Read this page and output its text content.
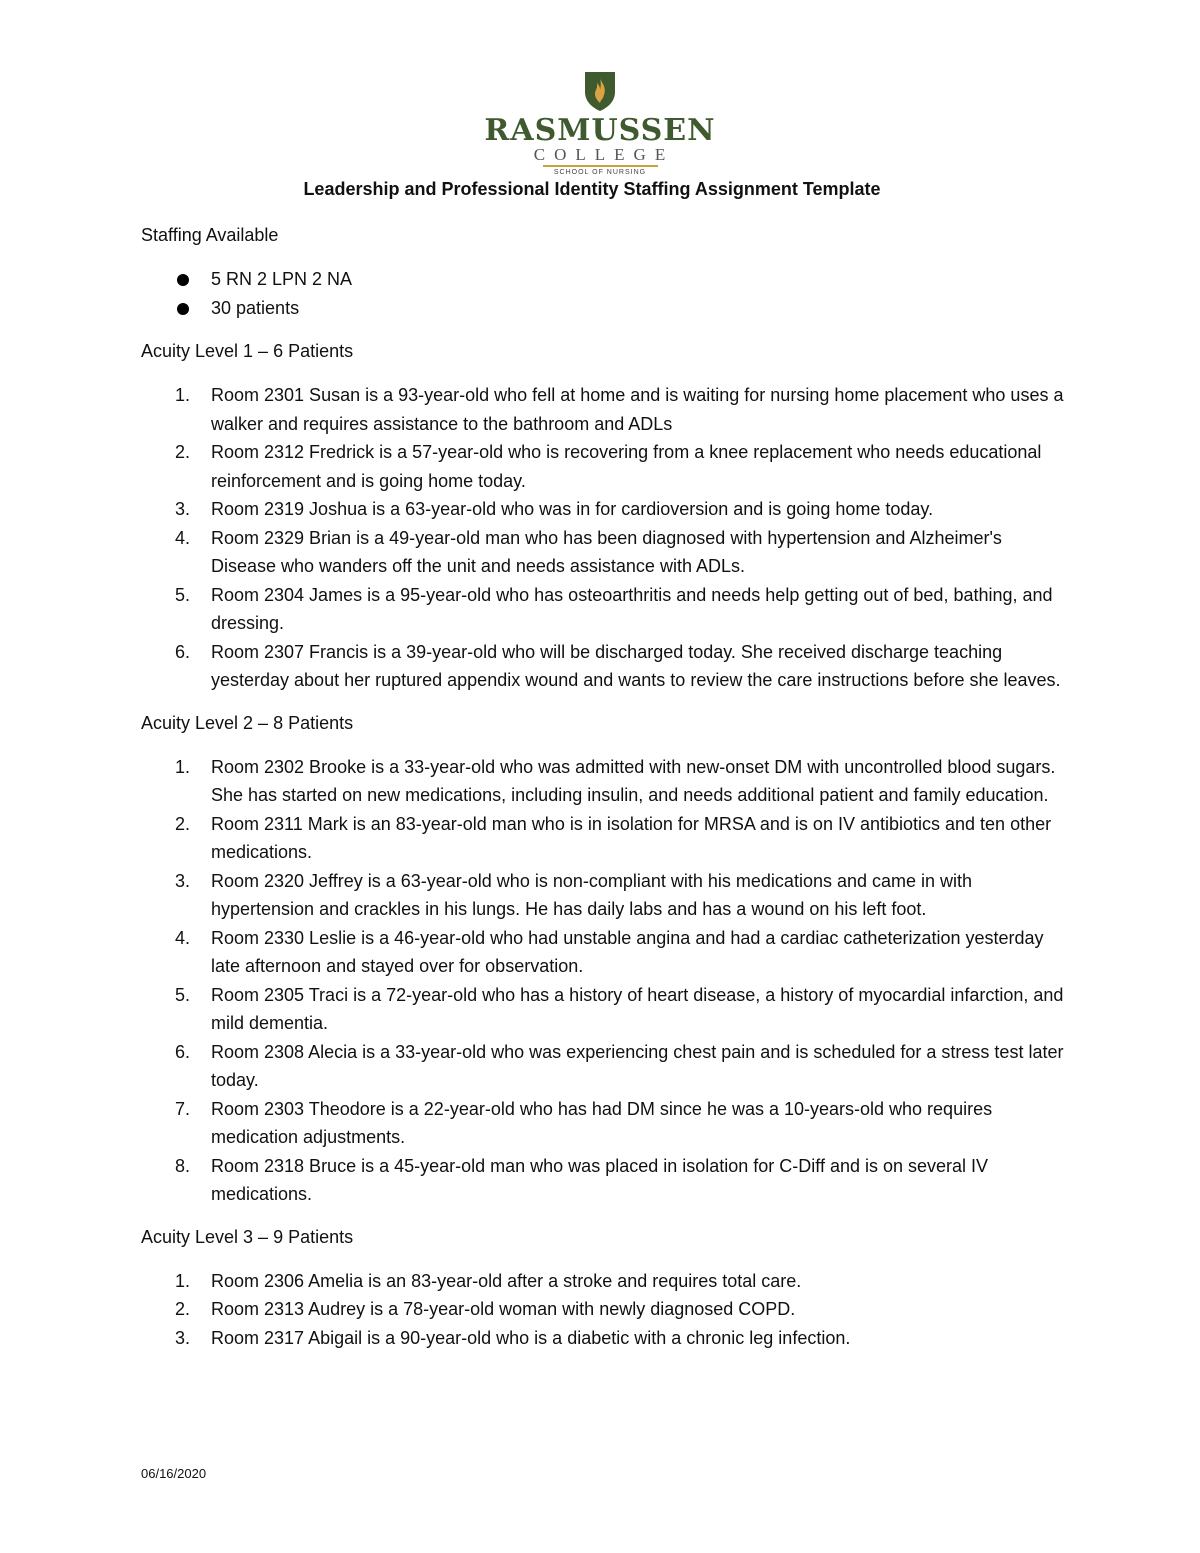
RASMUSSEN
COLLEGE
SCHOOL OF NURSING
Leadership and Professional Identity Staffing Assignment Template

Staffing Available

5 RN 2 LPN 2 NA
30 patients

Acuity Level 1 – 6 Patients

1. Room 2301 Susan is a 93-year-old who fell at home and is waiting for nursing home placement who uses a walker and requires assistance to the bathroom and ADLs
2. Room 2312 Fredrick is a 57-year-old who is recovering from a knee replacement who needs educational reinforcement and is going home today.
3. Room 2319 Joshua is a 63-year-old who was in for cardioversion and is going home today.
4. Room 2329 Brian is a 49-year-old man who has been diagnosed with hypertension and Alzheimer's Disease who wanders off the unit and needs assistance with ADLs.
5. Room 2304 James is a 95-year-old who has osteoarthritis and needs help getting out of bed, bathing, and dressing.
6. Room 2307 Francis is a 39-year-old who will be discharged today. She received discharge teaching yesterday about her ruptured appendix wound and wants to review the care instructions before she leaves.

Acuity Level 2 – 8 Patients

1. Room 2302 Brooke is a 33-year-old who was admitted with new-onset DM with uncontrolled blood sugars. She has started on new medications, including insulin, and needs additional patient and family education.
2. Room 2311 Mark is an 83-year-old man who is in isolation for MRSA and is on IV antibiotics and ten other medications.
3. Room 2320 Jeffrey is a 63-year-old who is non-compliant with his medications and came in with hypertension and crackles in his lungs. He has daily labs and has a wound on his left foot.
4. Room 2330 Leslie is a 46-year-old who had unstable angina and had a cardiac catheterization yesterday late afternoon and stayed over for observation.
5. Room 2305 Traci is a 72-year-old who has a history of heart disease, a history of myocardial infarction, and mild dementia.
6. Room 2308 Alecia is a 33-year-old who was experiencing chest pain and is scheduled for a stress test later today.
7. Room 2303 Theodore is a 22-year-old who has had DM since he was a 10-years-old who requires medication adjustments.
8. Room 2318 Bruce is a 45-year-old man who was placed in isolation for C-Diff and is on several IV medications.

Acuity Level 3 – 9 Patients

1. Room 2306 Amelia is an 83-year-old after a stroke and requires total care.
2. Room 2313 Audrey is a 78-year-old woman with newly diagnosed COPD.
3. Room 2317 Abigail is a 90-year-old who is a diabetic with a chronic leg infection.
06/16/2020
